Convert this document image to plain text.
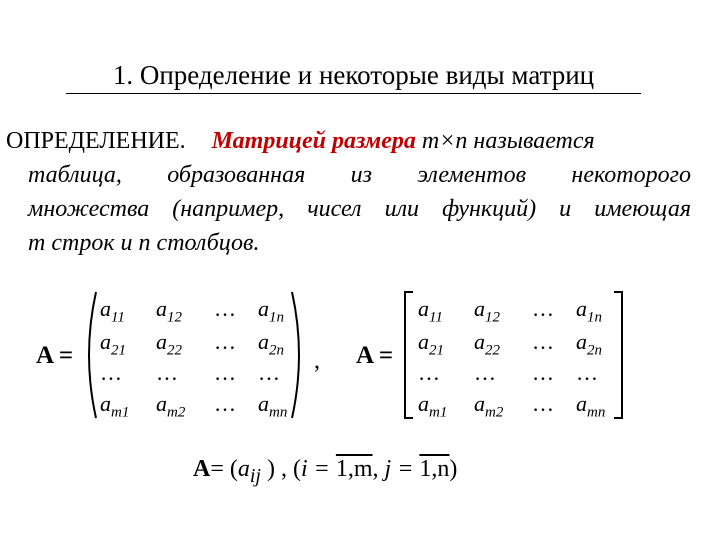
1. Определение и некоторые виды матриц
ОПРЕДЕЛЕНИЕ. Матрицей размера m×n называется
таблица, образованная из элементов некоторого
множества (например, чисел или функций) и имеющая
m строк и n столбцов.
A =
$a_{11}$ $a_{12}$ … $a_{1n}$
$a_{21}$ $a_{22}$ … $a_{2n}$
… … … …
$a_{m1}$ $a_{m2}$ … $a_{mn}$
, A =
$a_{11}$ $a_{12}$ … $a_{1n}$
$a_{21}$ $a_{22}$ … $a_{2n}$
… … … …
$a_{m1}$ $a_{m2}$ … $a_{mn}$
$A= (a_{ij}$ ) , (i = 1,m, j = 1,n)
